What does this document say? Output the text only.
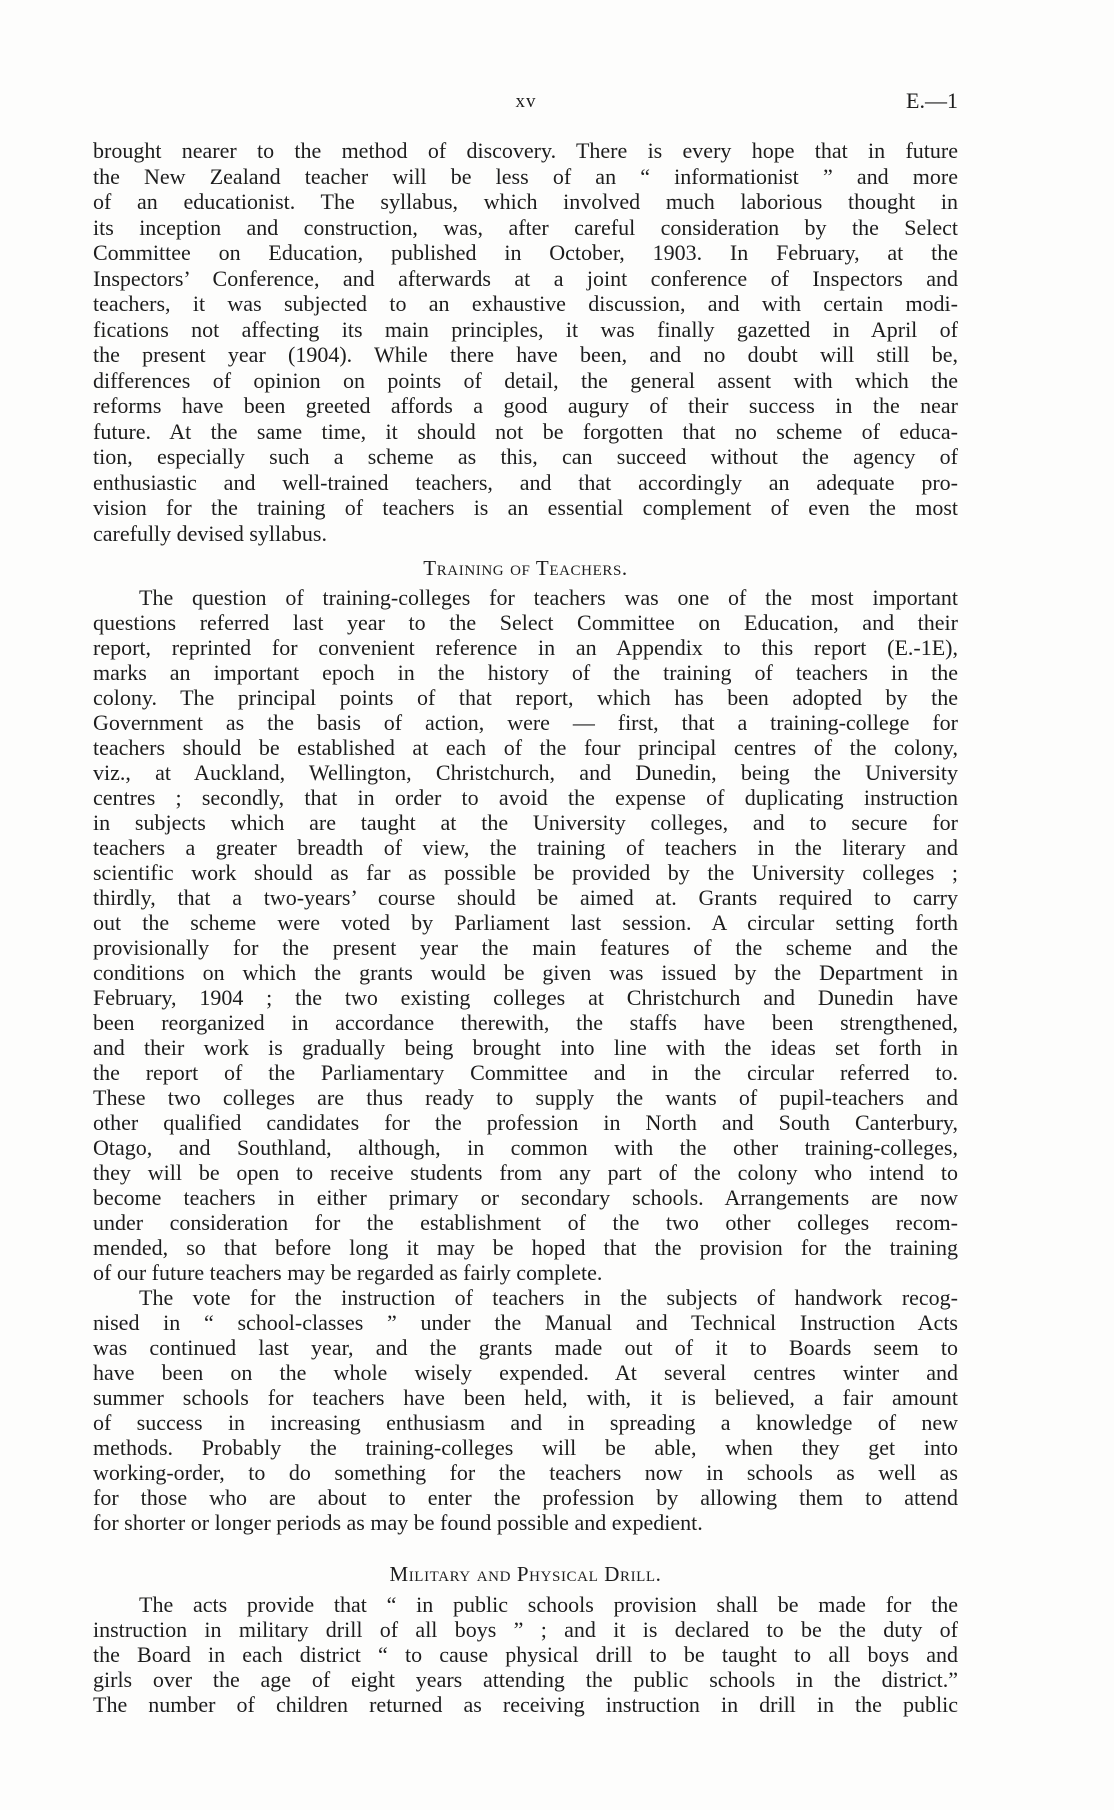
xv	E.—1
brought nearer to the method of discovery. There is every hope that in future
the New Zealand teacher will be less of an “ informationist ” and more
of an educationist. The syllabus, which involved much laborious thought in
its inception and construction, was, after careful consideration by the Select
Committee on Education, published in October, 1903. In February, at the
Inspectors’ Conference, and afterwards at a joint conference of Inspectors and
teachers, it was subjected to an exhaustive discussion, and with certain modi-
fications not affecting its main principles, it was finally gazetted in April of
the present year (1904). While there have been, and no doubt will still be,
differences of opinion on points of detail, the general assent with which the
reforms have been greeted affords a good augury of their success in the near
future. At the same time, it should not be forgotten that no scheme of educa-
tion, especially such a scheme as this, can succeed without the agency of
enthusiastic and well-trained teachers, and that accordingly an adequate pro-
vision for the training of teachers is an essential complement of even the most
carefully devised syllabus.
Training of Teachers.
The question of training-colleges for teachers was one of the most important
questions referred last year to the Select Committee on Education, and their
report, reprinted for convenient reference in an Appendix to this report (E.-1E),
marks an important epoch in the history of the training of teachers in the
colony. The principal points of that report, which has been adopted by the
Government as the basis of action, were — first, that a training-college for
teachers should be established at each of the four principal centres of the colony,
viz., at Auckland, Wellington, Christchurch, and Dunedin, being the University
centres ; secondly, that in order to avoid the expense of duplicating instruction
in subjects which are taught at the University colleges, and to secure for
teachers a greater breadth of view, the training of teachers in the literary and
scientific work should as far as possible be provided by the University colleges ;
thirdly, that a two-years’ course should be aimed at. Grants required to carry
out the scheme were voted by Parliament last session. A circular setting forth
provisionally for the present year the main features of the scheme and the
conditions on which the grants would be given was issued by the Department in
February, 1904 ; the two existing colleges at Christchurch and Dunedin have
been reorganized in accordance therewith, the staffs have been strengthened,
and their work is gradually being brought into line with the ideas set forth in
the report of the Parliamentary Committee and in the circular referred to.
These two colleges are thus ready to supply the wants of pupil-teachers and
other qualified candidates for the profession in North and South Canterbury,
Otago, and Southland, although, in common with the other training-colleges,
they will be open to receive students from any part of the colony who intend to
become teachers in either primary or secondary schools. Arrangements are now
under consideration for the establishment of the two other colleges recom-
mended, so that before long it may be hoped that the provision for the training
of our future teachers may be regarded as fairly complete.
The vote for the instruction of teachers in the subjects of handwork recog-
nised in “ school-classes ” under the Manual and Technical Instruction Acts
was continued last year, and the grants made out of it to Boards seem to
have been on the whole wisely expended. At several centres winter and
summer schools for teachers have been held, with, it is believed, a fair amount
of success in increasing enthusiasm and in spreading a knowledge of new
methods. Probably the training-colleges will be able, when they get into
working-order, to do something for the teachers now in schools as well as
for those who are about to enter the profession by allowing them to attend
for shorter or longer periods as may be found possible and expedient.
Military and Physical Drill.
The acts provide that “ in public schools provision shall be made for the
instruction in military drill of all boys ” ; and it is declared to be the duty of
the Board in each district “ to cause physical drill to be taught to all boys and
girls over the age of eight years attending the public schools in the district.”
The number of children returned as receiving instruction in drill in the public
